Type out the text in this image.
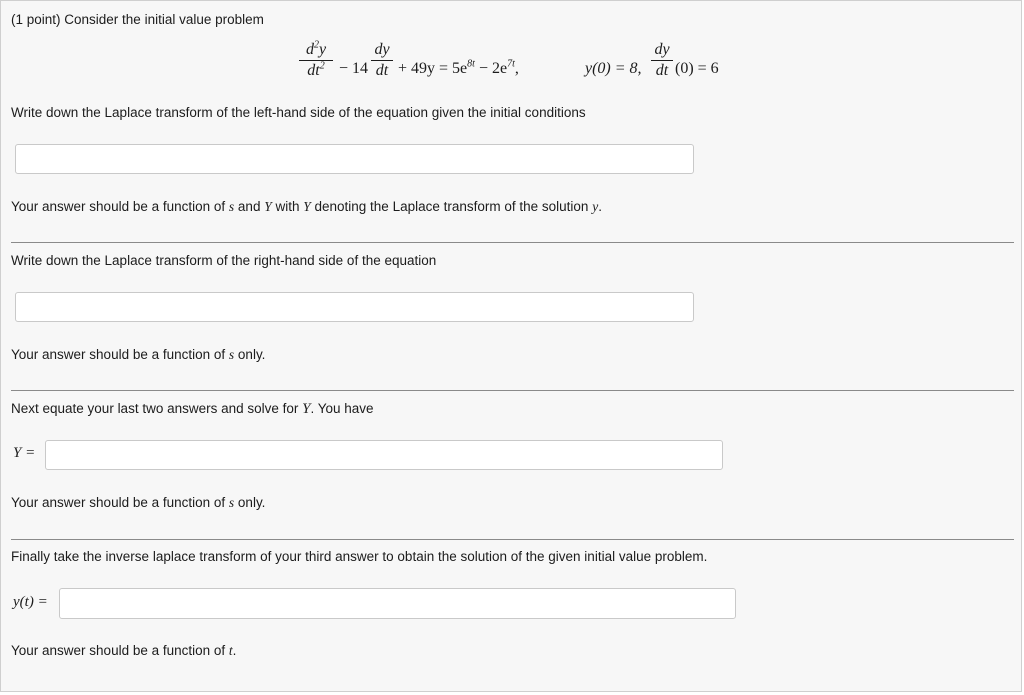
(1 point) Consider the initial value problem
$d^2y$
$dt^2 - 14$
dy
dt + $49y = 5e^{8t} - 2e^{7t}$,	y(0) = 8,
dy
dt (0) = 6
Write down the Laplace transform of the left-hand side of the equation given the initial conditions
Your answer should be a function of s and Y with Y denoting the Laplace transform of the solution y.
Write down the Laplace transform of the right-hand side of the equation
Your answer should be a function of s only.
Next equate your last two answers and solve for Y. You have
Y =
Your answer should be a function of s only.
Finally take the inverse laplace transform of your third answer to obtain the solution of the given initial value problem.
y(t) =
Your answer should be a function of t.
